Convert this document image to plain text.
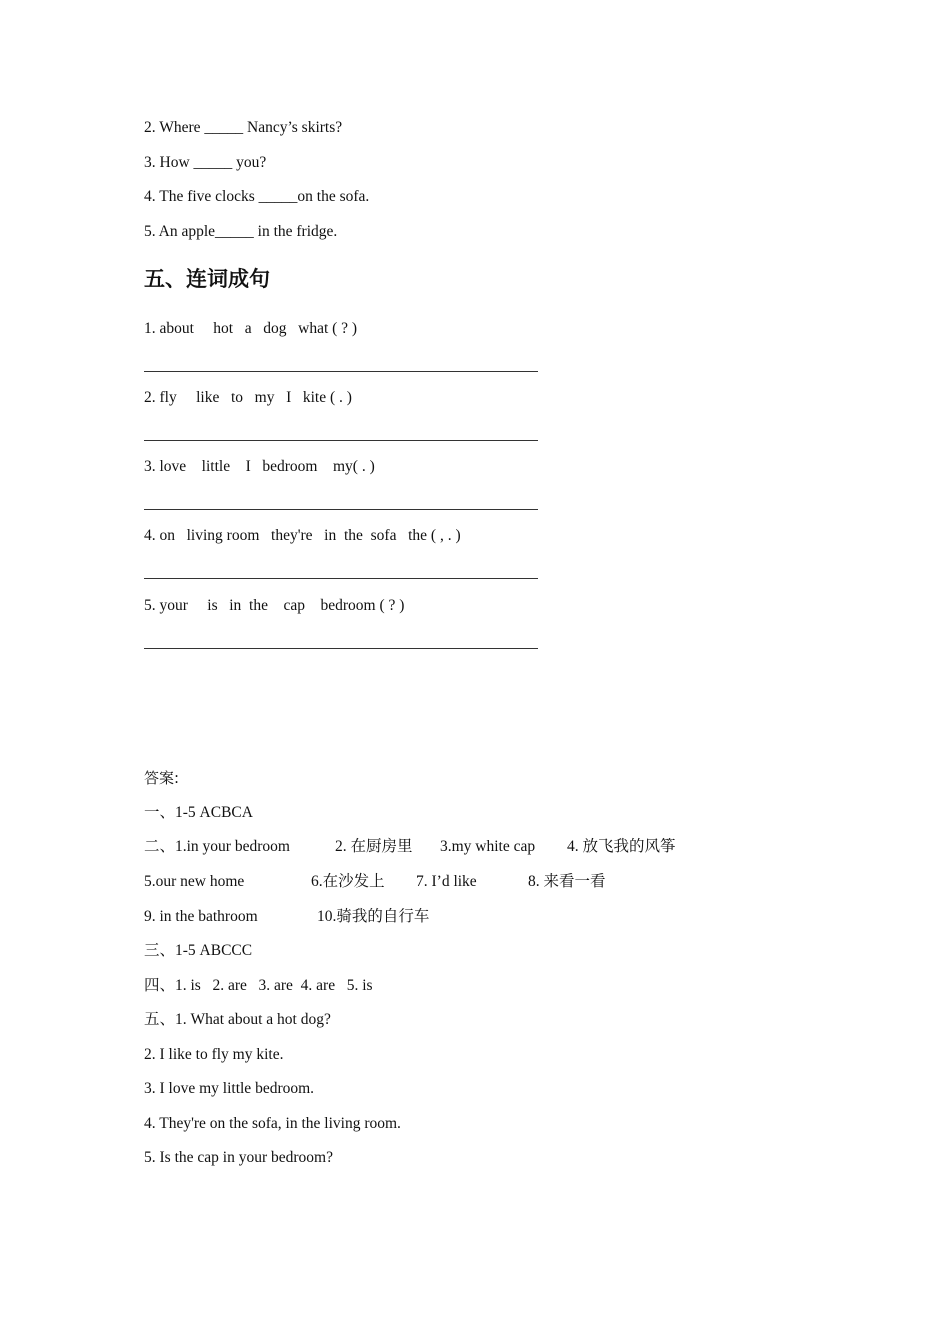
2. Where _____ Nancy’s skirts?
3. How _____ you?
4. The five clocks _____on the sofa.
5. An apple_____ in the fridge.
五、连词成句
1. about     hot   a   dog   what ( ? )
2. fly     like   to   my   I   kite ( . )
3. love    little    I   bedroom    my( . )
4. on   living room   they're   in  the  sofa   the ( , . )
5. your     is   in  the    cap    bedroom ( ? )
答案:
一、1-5 ACBCA

二、1.in your bedroom

	2. 在厨房里

3.my white cap

4. 放飞我的风筝

5.our new home

	6.在沙发上

7. I’d like

	8. 来看一看

9. in the bathroom

	10.骑我的自行车

三、1-5 ABCCC
四、1. is   2. are   3. are  4. are   5. is
五、1. What about a hot dog?
2. I like to fly my kite.
3. I love my little bedroom.
4. They're on the sofa, in the living room.
5. Is the cap in your bedroom?
